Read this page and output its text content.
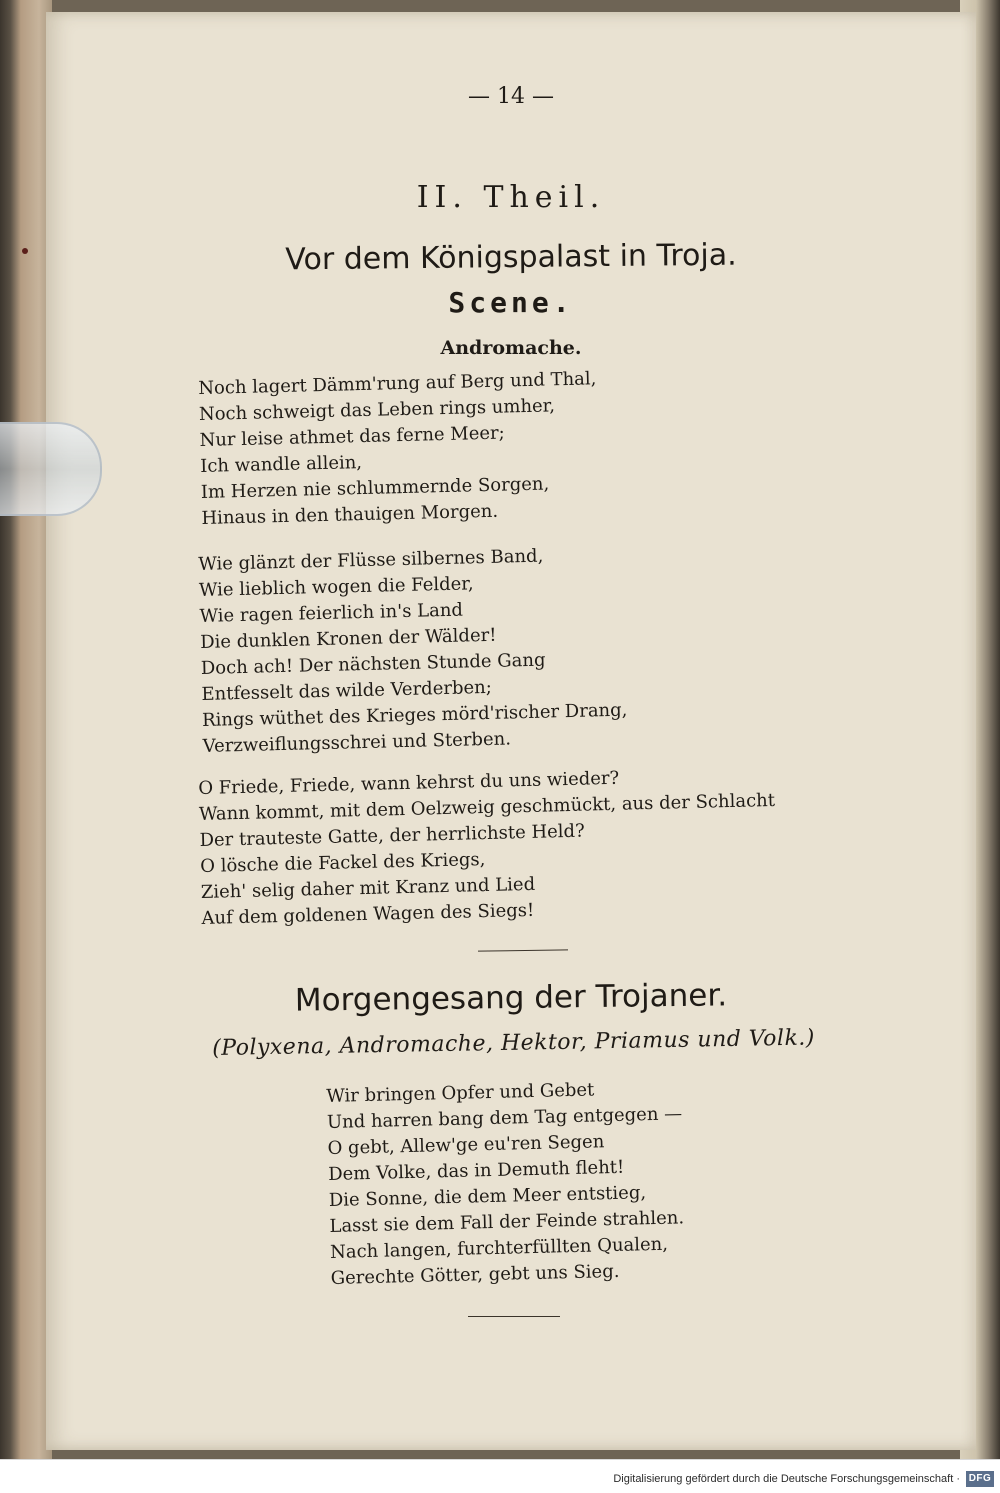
— 14 —
II. Theil.
Vor dem Königspalast in Troja.
Scene.
Andromache.
Noch lagert Dämm'rung auf Berg und Thal,
Noch schweigt das Leben rings umher,
Nur leise athmet das ferne Meer;
Ich wandle allein,
Im Herzen nie schlummernde Sorgen,
Hinaus in den thauigen Morgen.
Wie glänzt der Flüsse silbernes Band,
Wie lieblich wogen die Felder,
Wie ragen feierlich in's Land
Die dunklen Kronen der Wälder!
Doch ach! Der nächsten Stunde Gang
Entfesselt das wilde Verderben;
Rings wüthet des Krieges mörd'rischer Drang,
Verzweiflungsschrei und Sterben.
O Friede, Friede, wann kehrst du uns wieder?
Wann kommt, mit dem Oelzweig geschmückt, aus der Schlacht
Der trauteste Gatte, der herrlichste Held?
O lösche die Fackel des Kriegs,
Zieh' selig daher mit Kranz und Lied
Auf dem goldenen Wagen des Siegs!
Morgengesang der Trojaner.
(Polyxena, Andromache, Hektor, Priamus und Volk.)
Wir bringen Opfer und Gebet
Und harren bang dem Tag entgegen —
O gebt, Allew'ge eu'ren Segen
Dem Volke, das in Demuth fleht!
Die Sonne, die dem Meer entstieg,
Lasst sie dem Fall der Feinde strahlen.
Nach langen, furchterfüllten Qualen,
Gerechte Götter, gebt uns Sieg.
Digitalisierung gefördert durch die Deutsche Forschungsgemeinschaft · DFG
